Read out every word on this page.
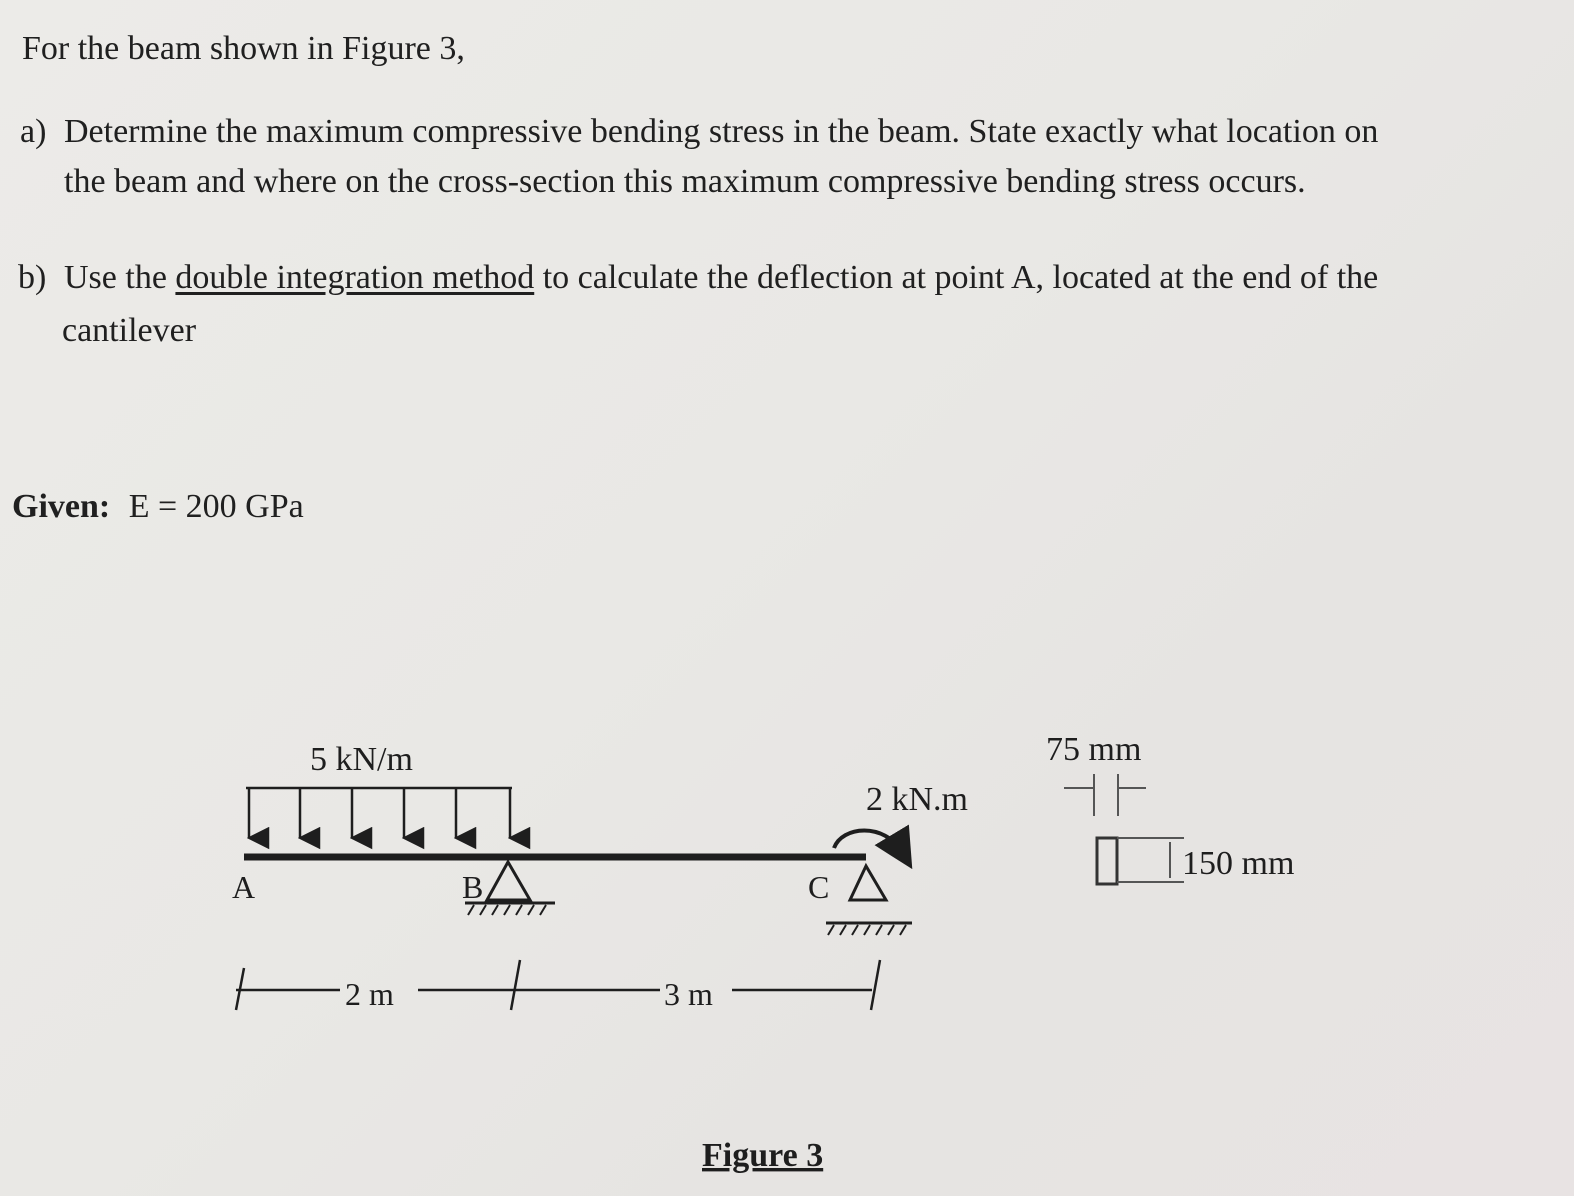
For the beam shown in Figure 3,
a) Determine the maximum compressive bending stress in the beam. State exactly what location on
the beam and where on the cross-section this maximum compressive bending stress occurs.
b) Use the double integration method to calculate the deflection at point A, located at the end of the
cantilever
Given: E = 200 GPa
5 kN/m
A	B	C
2 kN.m
2 m	3 m
75 mm
150 mm
Figure 3
